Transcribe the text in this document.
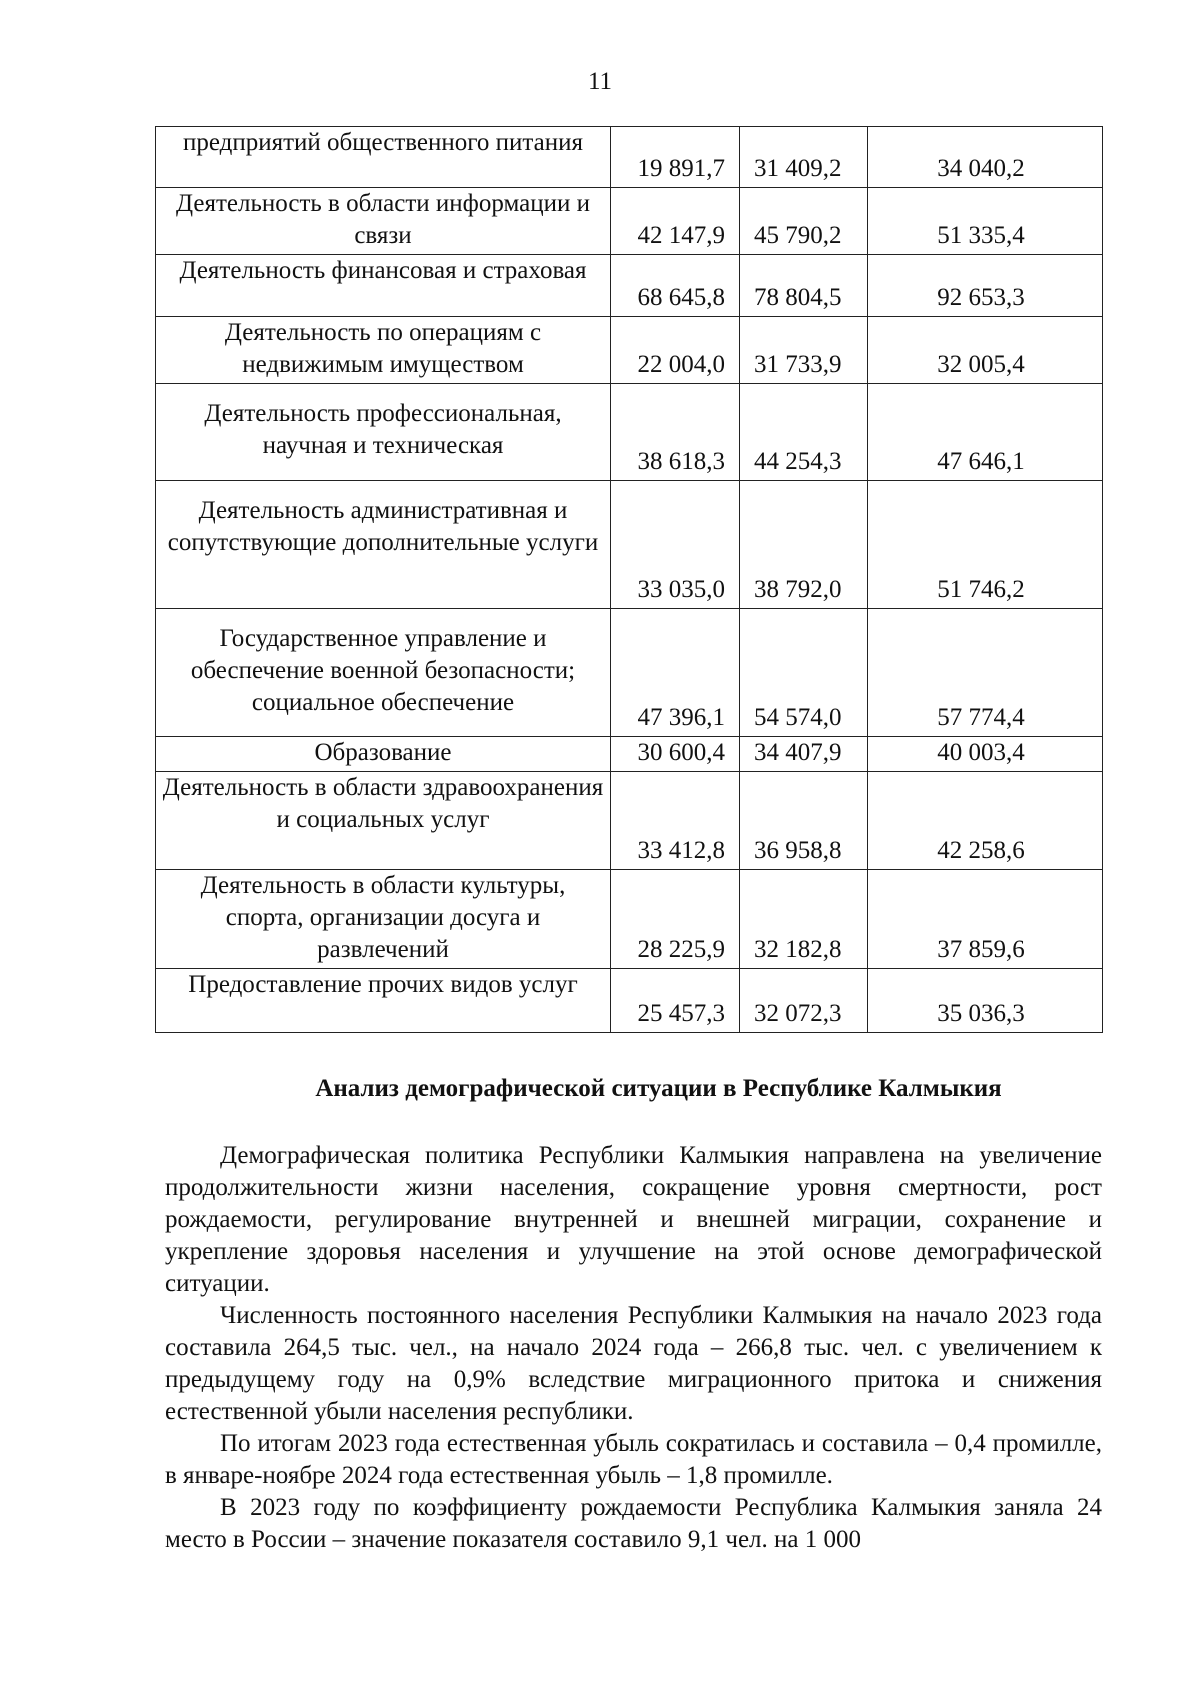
11
предприятий общественного питания	19 891,7	31 409,2	34 040,2
Деятельность в области информации и связи	42 147,9	45 790,2	51 335,4
Деятельность финансовая и страховая	68 645,8	78 804,5	92 653,3
Деятельность по операциям с недвижимым имуществом	22 004,0	31 733,9	32 005,4
Деятельность профессиональная, научная и техническая	38 618,3	44 254,3	47 646,1
Деятельность административная и сопутствующие дополнительные услуги	33 035,0	38 792,0	51 746,2
Государственное управление и обеспечение военной безопасности; социальное обеспечение	47 396,1	54 574,0	57 774,4
Образование	30 600,4	34 407,9	40 003,4
Деятельность в области здравоохранения и социальных услуг	33 412,8	36 958,8	42 258,6
Деятельность в области культуры, спорта, организации досуга и развлечений	28 225,9	32 182,8	37 859,6
Предоставление прочих видов услуг	25 457,3	32 072,3	35 036,3
Анализ демографической ситуации в Республике Калмыкия

Демографическая политика Республики Калмыкия направлена на увеличение продолжительности жизни населения, сокращение уровня смертности, рост рождаемости, регулирование внутренней и внешней миграции, сохранение и укрепление здоровья населения и улучшение на этой основе демографической ситуации.

Численность постоянного населения Республики Калмыкия на начало 2023 года составила 264,5 тыс. чел., на начало 2024 года – 266,8 тыс. чел. с увеличением к предыдущему году на 0,9% вследствие миграционного притока и снижения естественной убыли населения республики.

По итогам 2023 года естественная убыль сократилась и составила – 0,4 промилле, в январе-ноябре 2024 года естественная убыль – 1,8 промилле.

В 2023 году по коэффициенту рождаемости Республика Калмыкия заняла 24 место в России – значение показателя составило 9,1 чел. на 1 000
